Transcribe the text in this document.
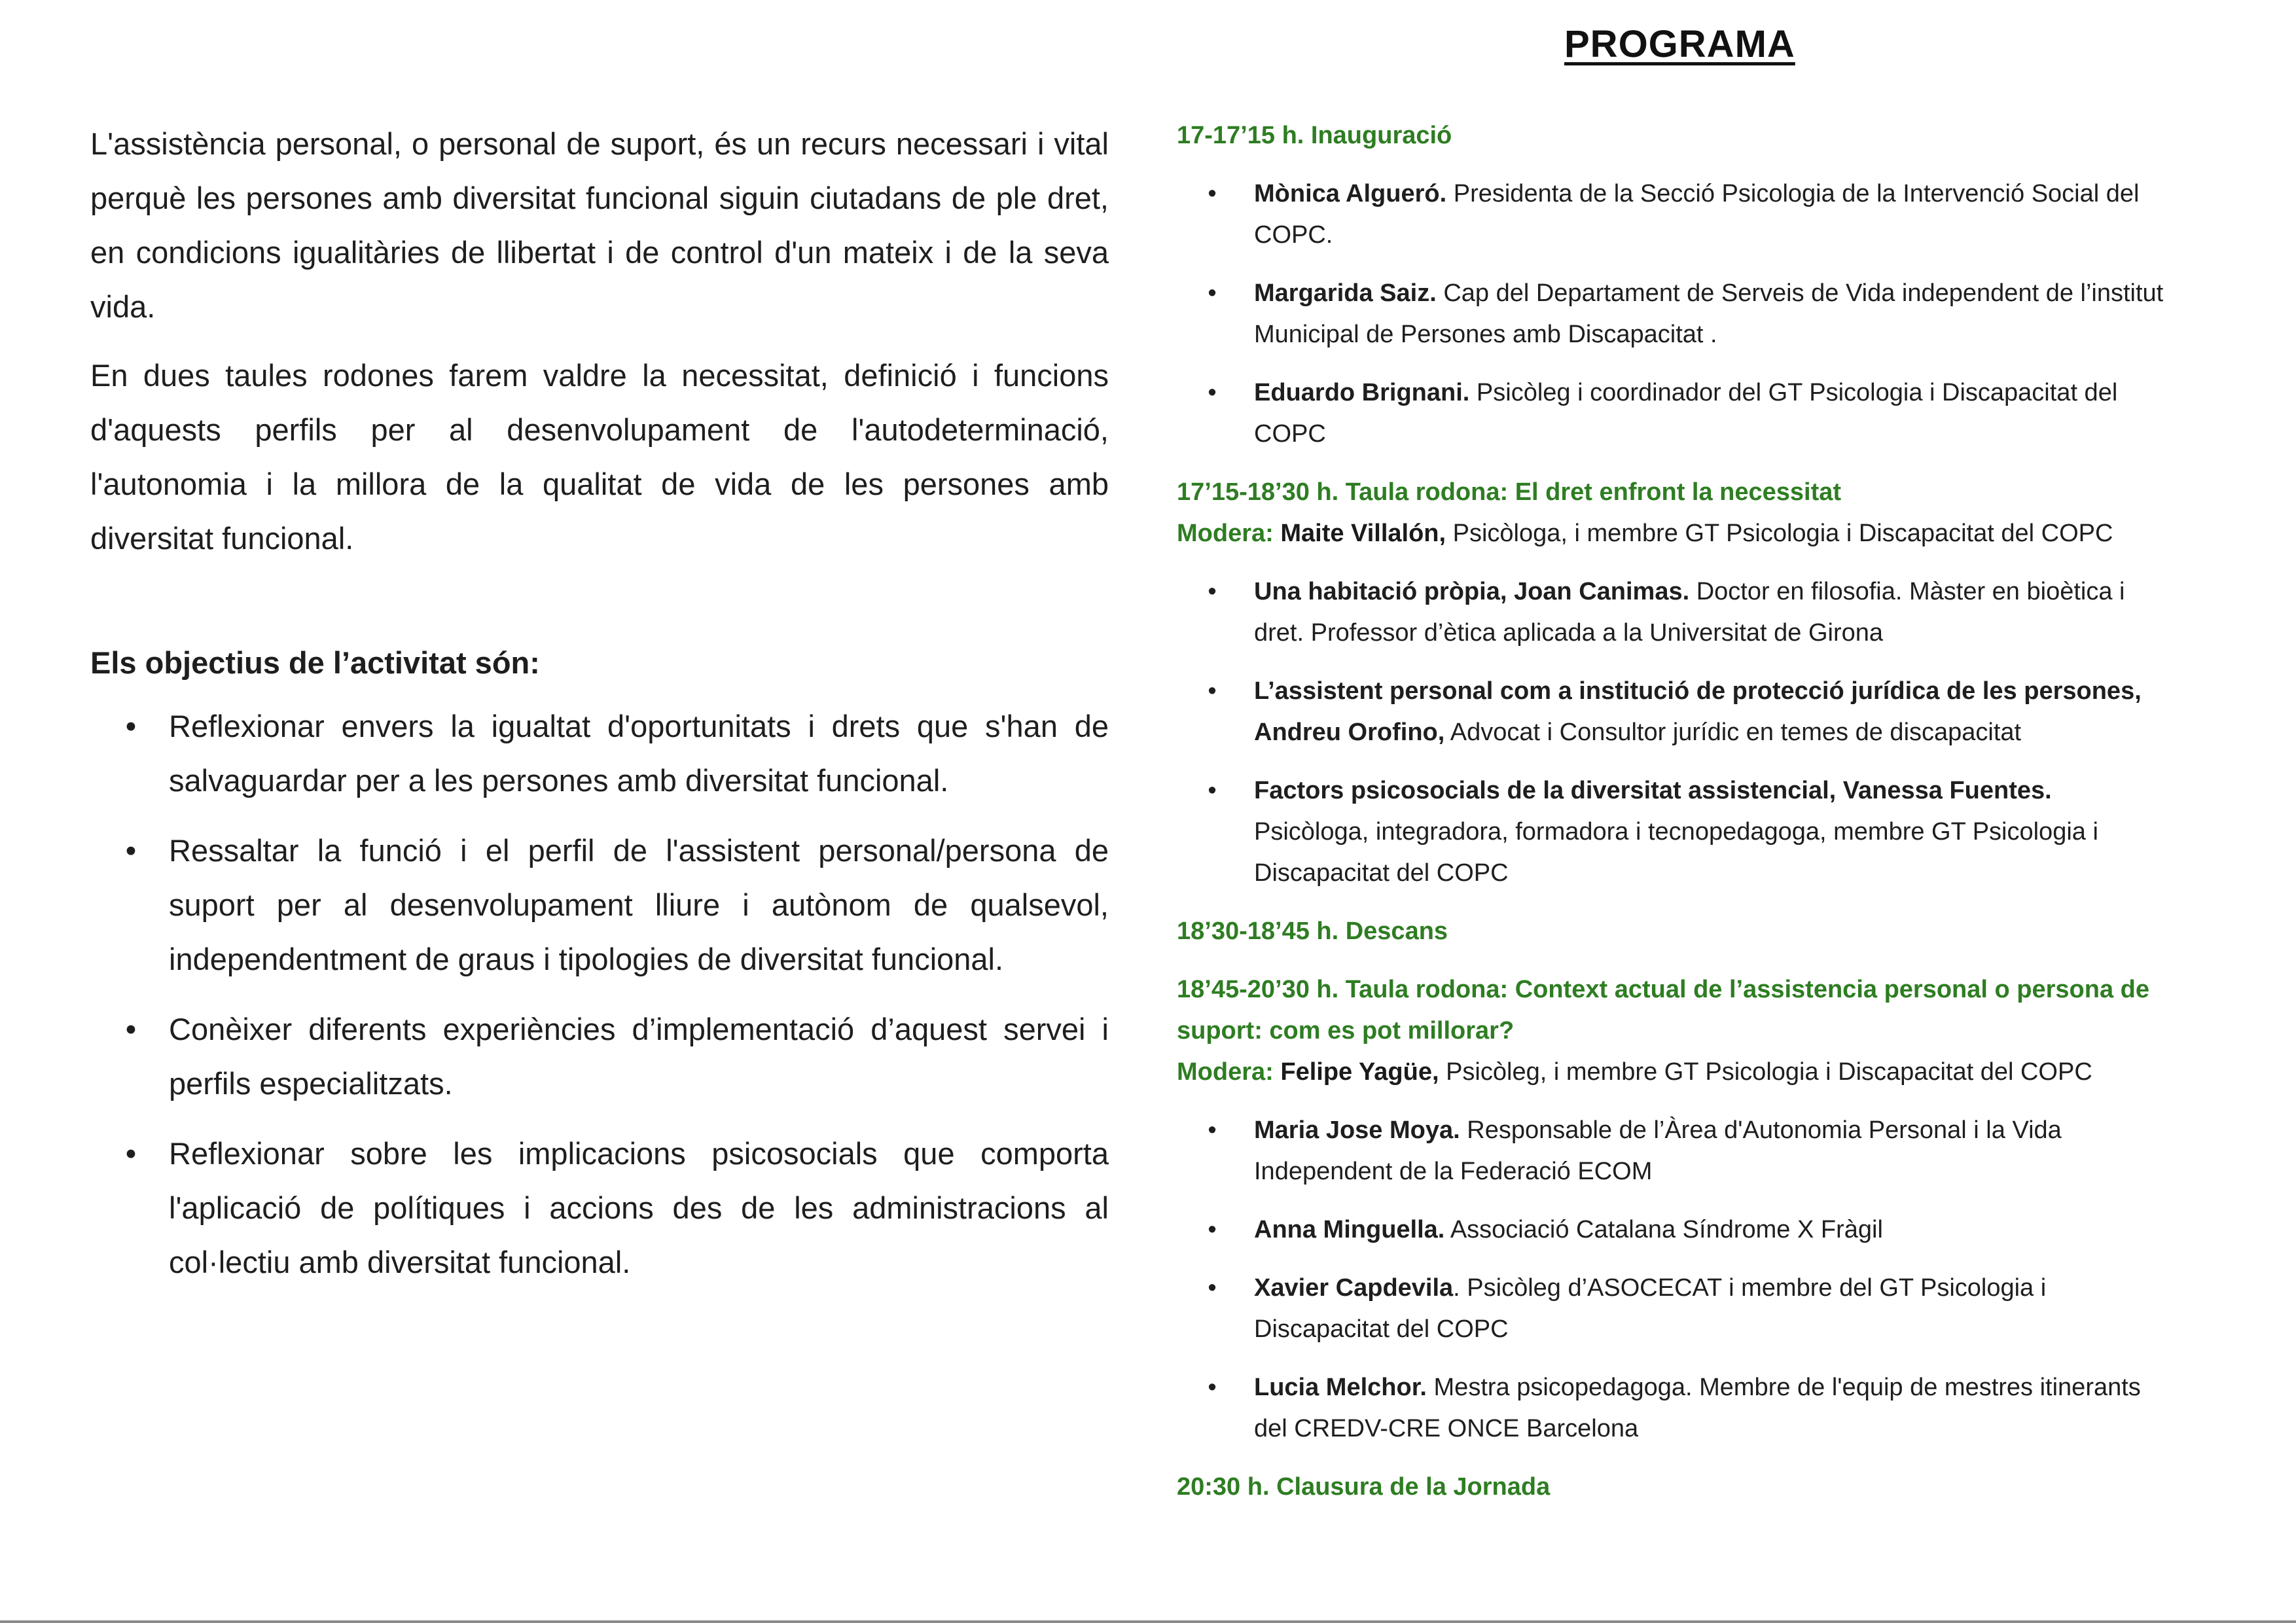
L'assistència personal, o personal de suport, és un recurs necessari i vital perquè les persones amb diversitat funcional siguin ciutadans de ple dret, en condicions igualitàries de llibertat i de control d'un mateix i de la seva vida.

En dues taules rodones farem valdre la necessitat, definició i funcions d'aquests perfils per al desenvolupament de l'autodeterminació, l'autonomia i la millora de la qualitat de vida de les persones amb diversitat funcional.

Els objectius de l’activitat són:
• Reflexionar envers la igualtat d'oportunitats i drets que s'han de salvaguardar per a les persones amb diversitat funcional.
• Ressaltar la funció i el perfil de l'assistent personal/persona de suport per al desenvolupament lliure i autònom de qualsevol, independentment de graus i tipologies de diversitat funcional.
• Conèixer diferents experiències d’implementació d’aquest servei i perfils especialitzats.
• Reflexionar sobre les implicacions psicosocials que comporta l'aplicació de polítiques i accions des de les administracions al col·lectiu amb diversitat funcional.
PROGRAMA
17-17’15 h. Inauguració
• Mònica Algueró. Presidenta de la Secció Psicologia de la Intervenció Social del COPC.
• Margarida Saiz. Cap del Departament de Serveis de Vida independent de l’institut Municipal de Persones amb Discapacitat .
• Eduardo Brignani. Psicòleg i coordinador del GT Psicologia i Discapacitat del COPC
17’15-18’30 h. Taula rodona: El dret enfront la necessitat
Modera: Maite Villalón, Psicòloga, i membre GT Psicologia i Discapacitat del COPC
• Una habitació pròpia, Joan Canimas. Doctor en filosofia. Màster en bioètica i dret. Professor d’ètica aplicada a la Universitat de Girona
• L’assistent personal com a institució de protecció jurídica de les persones, Andreu Orofino, Advocat i Consultor jurídic en temes de discapacitat
• Factors psicosocials de la diversitat assistencial, Vanessa Fuentes. Psicòloga, integradora, formadora i tecnopedagoga, membre GT Psicologia i Discapacitat del COPC
18’30-18’45 h. Descans
18’45-20’30 h. Taula rodona: Context actual de l’assistencia personal o persona de suport: com es pot millorar?
Modera: Felipe Yagüe, Psicòleg, i membre GT Psicologia i Discapacitat del COPC
• Maria Jose Moya. Responsable de l’Àrea d'Autonomia Personal i la Vida Independent de la Federació ECOM
• Anna Minguella. Associació Catalana Síndrome X Fràgil
• Xavier Capdevila. Psicòleg d’ASOCECAT i membre del GT Psicologia i Discapacitat del COPC
• Lucia Melchor. Mestra psicopedagoga. Membre de l'equip de mestres itinerants del CREDV-CRE ONCE Barcelona
20:30 h. Clausura de la Jornada
